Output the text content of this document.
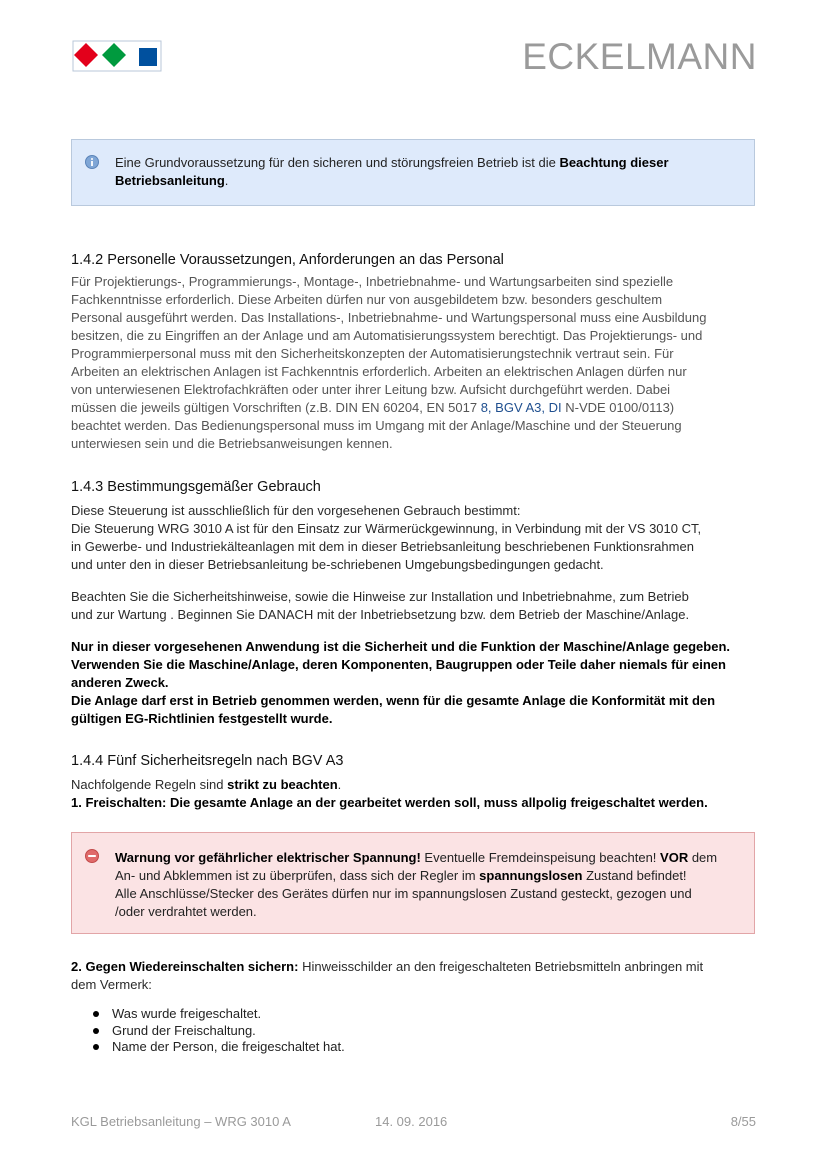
ECKELMANN
Eine Grundvoraussetzung für den sicheren und störungsfreien Betrieb ist die Beachtung dieser Betriebsanleitung.
1.4.2 Personelle Voraussetzungen, Anforderungen an das Personal
Für Projektierungs-, Programmierungs-, Montage-, Inbetriebnahme- und Wartungsarbeiten sind spezielle
Fachkenntnisse erforderlich. Diese Arbeiten dürfen nur von ausgebildetem bzw. besonders geschultem
Personal ausgeführt werden. Das Installations-, Inbetriebnahme- und Wartungspersonal muss eine Ausbildung
besitzen, die zu Eingriffen an der Anlage und am Automatisierungssystem berechtigt. Das Projektierungs- und
Programmierpersonal muss mit den Sicherheitskonzepten der Automatisierungstechnik vertraut sein. Für
Arbeiten an elektrischen Anlagen ist Fachkenntnis erforderlich. Arbeiten an elektrischen Anlagen dürfen nur
von unterwiesenen Elektrofachkräften oder unter ihrer Leitung bzw. Aufsicht durchgeführt werden. Dabei
müssen die jeweils gültigen Vorschriften (z.B. DIN EN 60204, EN 5017 8, BGV A3, DI N-VDE 0100/0113)
beachtet werden. Das Bedienungspersonal muss im Umgang mit der Anlage/Maschine und der Steuerung
unterwiesen sein und die Betriebsanweisungen kennen.
1.4.3 Bestimmungsgemäßer Gebrauch
Diese Steuerung ist ausschließlich für den vorgesehenen Gebrauch bestimmt:
Die Steuerung WRG 3010 A ist für den Einsatz zur Wärmerückgewinnung, in Verbindung mit der VS 3010 CT,
in Gewerbe- und Industriekälteanlagen mit dem in dieser Betriebsanleitung beschriebenen Funktionsrahmen
und unter den in dieser Betriebsanleitung be-schriebenen Umgebungsbedingungen gedacht.
Beachten Sie die Sicherheitshinweise, sowie die Hinweise zur Installation und Inbetriebnahme, zum Betrieb
und zur Wartung . Beginnen Sie DANACH mit der Inbetriebsetzung bzw. dem Betrieb der Maschine/Anlage.
Nur in dieser vorgesehenen Anwendung ist die Sicherheit und die Funktion der Maschine/Anlage gegeben.
Verwenden Sie die Maschine/Anlage, deren Komponenten, Baugruppen oder Teile daher niemals für einen
anderen Zweck.
Die Anlage darf erst in Betrieb genommen werden, wenn für die gesamte Anlage die Konformität mit den
gültigen EG-Richtlinien festgestellt wurde.
1.4.4 Fünf Sicherheitsregeln nach BGV A3
Nachfolgende Regeln sind strikt zu beachten.
1. Freischalten: Die gesamte Anlage an der gearbeitet werden soll, muss allpolig freigeschaltet werden.
Warnung vor gefährlicher elektrischer Spannung! Eventuelle Fremdeinspeisung beachten! VOR dem
An- und Abklemmen ist zu überprüfen, dass sich der Regler im spannungslosen Zustand befindet!
Alle Anschlüsse/Stecker des Gerätes dürfen nur im spannungslosen Zustand gesteckt, gezogen und
/oder verdrahtet werden.
2. Gegen Wiedereinschalten sichern: Hinweisschilder an den freigeschalteten Betriebsmitteln anbringen mit
dem Vermerk:
Was wurde freigeschaltet.
Grund der Freischaltung.
Name der Person, die freigeschaltet hat.
KGL Betriebsanleitung – WRG 3010 A	14. 09. 2016	8/55
